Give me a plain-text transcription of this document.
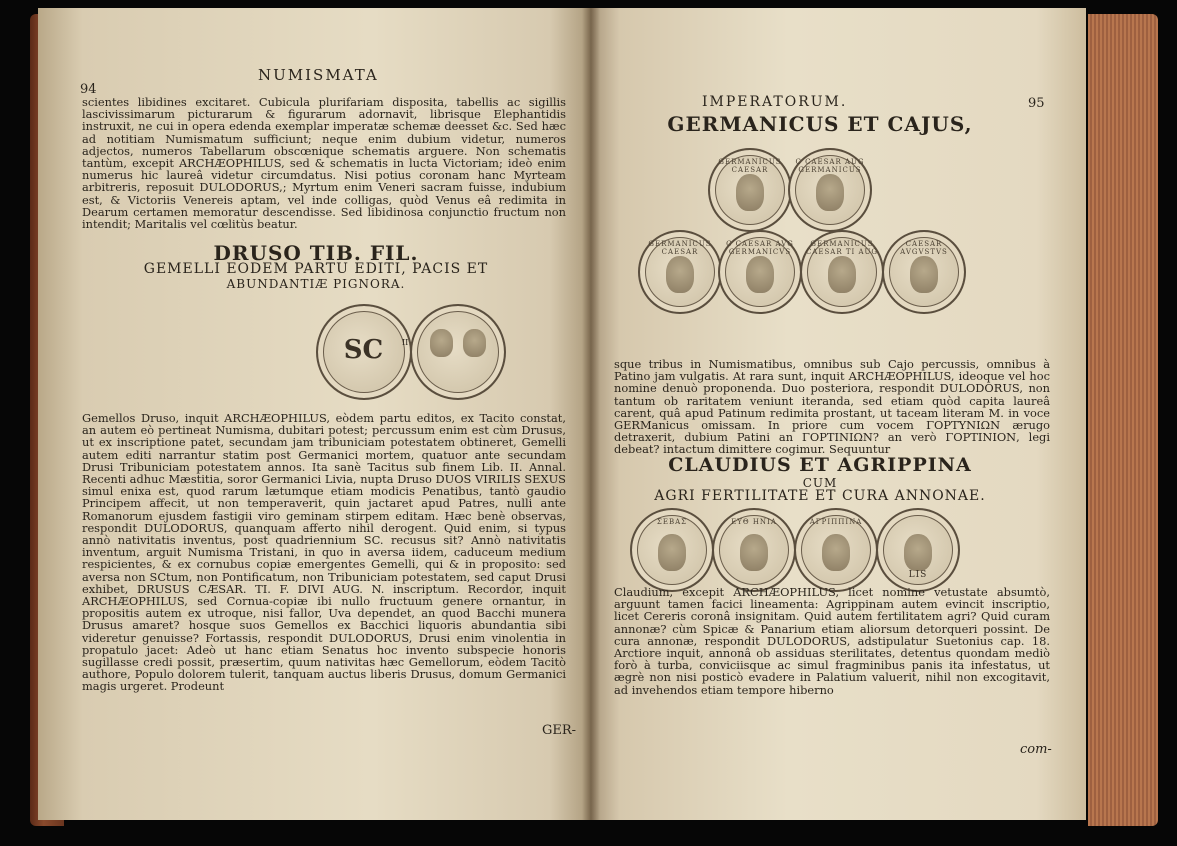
94
NUMISMATA

scientes libidines excitaret. Cubicula plurifariam disposita, tabellis ac sigillis lascivissimarum picturarum & figurarum adornavit, librisque Elephantidis instruxit, ne cui in opera edenda exemplar imperatæ schemæ deesset &c. Sed hæc ad notitiam Numismatum sufficiunt; neque enim dubium videtur, numeros adjectos, numeros Tabellarum obscœnique schematis arguere. Non schematis tantùm, excepit ARCHÆOPHILUS, sed & schematis in lucta Victoriam; ideò enim numerus hic laureâ videtur circumdatus. Nisi potius coronam hanc Myrteam arbitreris, reposuit DULODORUS,; Myrtum enim Veneri sacram fuisse, indubium est, & Victoriis Venereis aptam, vel inde colligas, quòd Venus eâ redimita in Dearum certamen memoratur descendisse. Sed libidinosa conjunctio fructum non intendit; Maritalis vel cœlitùs beatur.

DRUSO TIB. FIL.
GEMELLI EODEM PARTU EDITI, PACIS ET
ABUNDANTIÆ PIGNORA.
SC II

Gemellos Druso, inquit ARCHÆOPHILUS, eòdem partu editos, ex Tacito constat, an autem eò pertineat Numisma, dubitari potest; percussum enim est cùm Drusus, ut ex inscriptione patet, secundam jam tribuniciam potestatem obtineret, Gemelli autem editi narrantur statim post Germanici mortem, quatuor ante secundam Drusi Tribuniciam potestatem annos. Ita sanè Tacitus sub finem Lib. II. Annal. Recenti adhuc Mæstitia, soror Germanici Livia, nupta Druso DUOS VIRILIS SEXUS simul enixa est, quod rarum lætumque etiam modicis Penatibus, tantò gaudio Principem affecit, ut non temperaverit, quin jactaret apud Patres, nulli ante Romanorum ejusdem fastigii viro geminam stirpem editam. Hæc benè observas, respondit DULODORUS, quanquam afferto nihil derogent. Quid enim, si typus annò nativitatis inventus, post quadriennium SC. recusus sit? Annò nativitatis inventum, arguit Numisma Tristani, in quo in aversa iidem, caduceum medium respicientes, & ex cornubus copiæ emergentes Gemelli, qui & in proposito: sed aversa non SCtum, non Pontificatum, non Tribuniciam potestatem, sed caput Drusi exhibet, DRUSUS CÆSAR. TI. F. DIVI AUG. N. inscriptum. Recordor, inquit ARCHÆOPHILUS, sed Cornua-copiæ ibi nullo fructuum genere ornantur, in propositis autem ex utroque, nisi fallor, Uva dependet, an quod Bacchi munera Drusus amaret? hosque suos Gemellos ex Bacchici liquoris abundantia sibi videretur genuisse? Fortassis, respondit DULODORUS, Drusi enim vinolentia in propatulo jacet: Adeò ut hanc etiam Senatus hoc invento subspecie honoris sugillasse credi possit, præsertim, quum nativitas hæc Gemellorum, eòdem Tacitò authore, Populo dolorem tulerit, tanquam auctus liberis Drusus, domum Germanici magis urgeret. Prodeunt

GER-
IMPERATORUM.	95
GERMANICUS ET CAJUS,
GERMANICUS CAESAR
C CAESAR AUG GERMANICUS
GERMANICUS CAESAR
C CAESAR AVG GERMANICVS
GERMANICUS CAESAR TI AUG
CAESAR AVGVSTVS

sque tribus in Numismatibus, omnibus sub Cajo percussis, omnibus à Patino jam vulgatis. At rara sunt, inquit ARCHÆOPHILUS, ideoque vel hoc nomine denuò proponenda. Duo posteriora, respondit DULODORUS, non tantum ob raritatem veniunt iteranda, sed etiam quòd capita laureâ carent, quâ apud Patinum redimita prostant, ut taceam literam M. in voce GERManicus omissam. In priore cum vocem ΓΟΡΤΥΝΙΩΝ ærugo detraxerit, dubium Patini an ΓΟΡΤΙΝΙΩΝ? an verò ΓΟΡΤΙΝΙΟΝ, legi debeat? intactum dimittere cogimur. Sequuntur

CLAUDIUS ET AGRIPPINA
CUM
AGRI FERTILITATE ET CURA ANNONAE.
ΣΕΒΑΣ	ΕΥΘ ΗΝΙΑ	ΑΓΡΙΠΠΙΝΑ
LIS

Claudium, excepit ARCHÆOPHILUS, licet nomine vetustate absumtò, arguunt tamen facici lineamenta: Agrippinam autem evincit inscriptio, licet Cereris coronâ insignitam. Quid autem fertilitatem agri? Quid curam annonæ? cùm Spicæ & Panarium etiam aliorsum detorqueri possint. De cura annonæ, respondit DULODORUS, adstipulatur Suetonius cap. 18. Arctiore inquit, annonâ ob assiduas sterilitates, detentus quondam mediò forò à turba, conviciisque ac simul fragminibus panis ita infestatus, ut ægrè non nisi posticò evadere in Palatium valuerit, nihil non excogitavit, ad invehendos etiam tempore hiberno

com-
